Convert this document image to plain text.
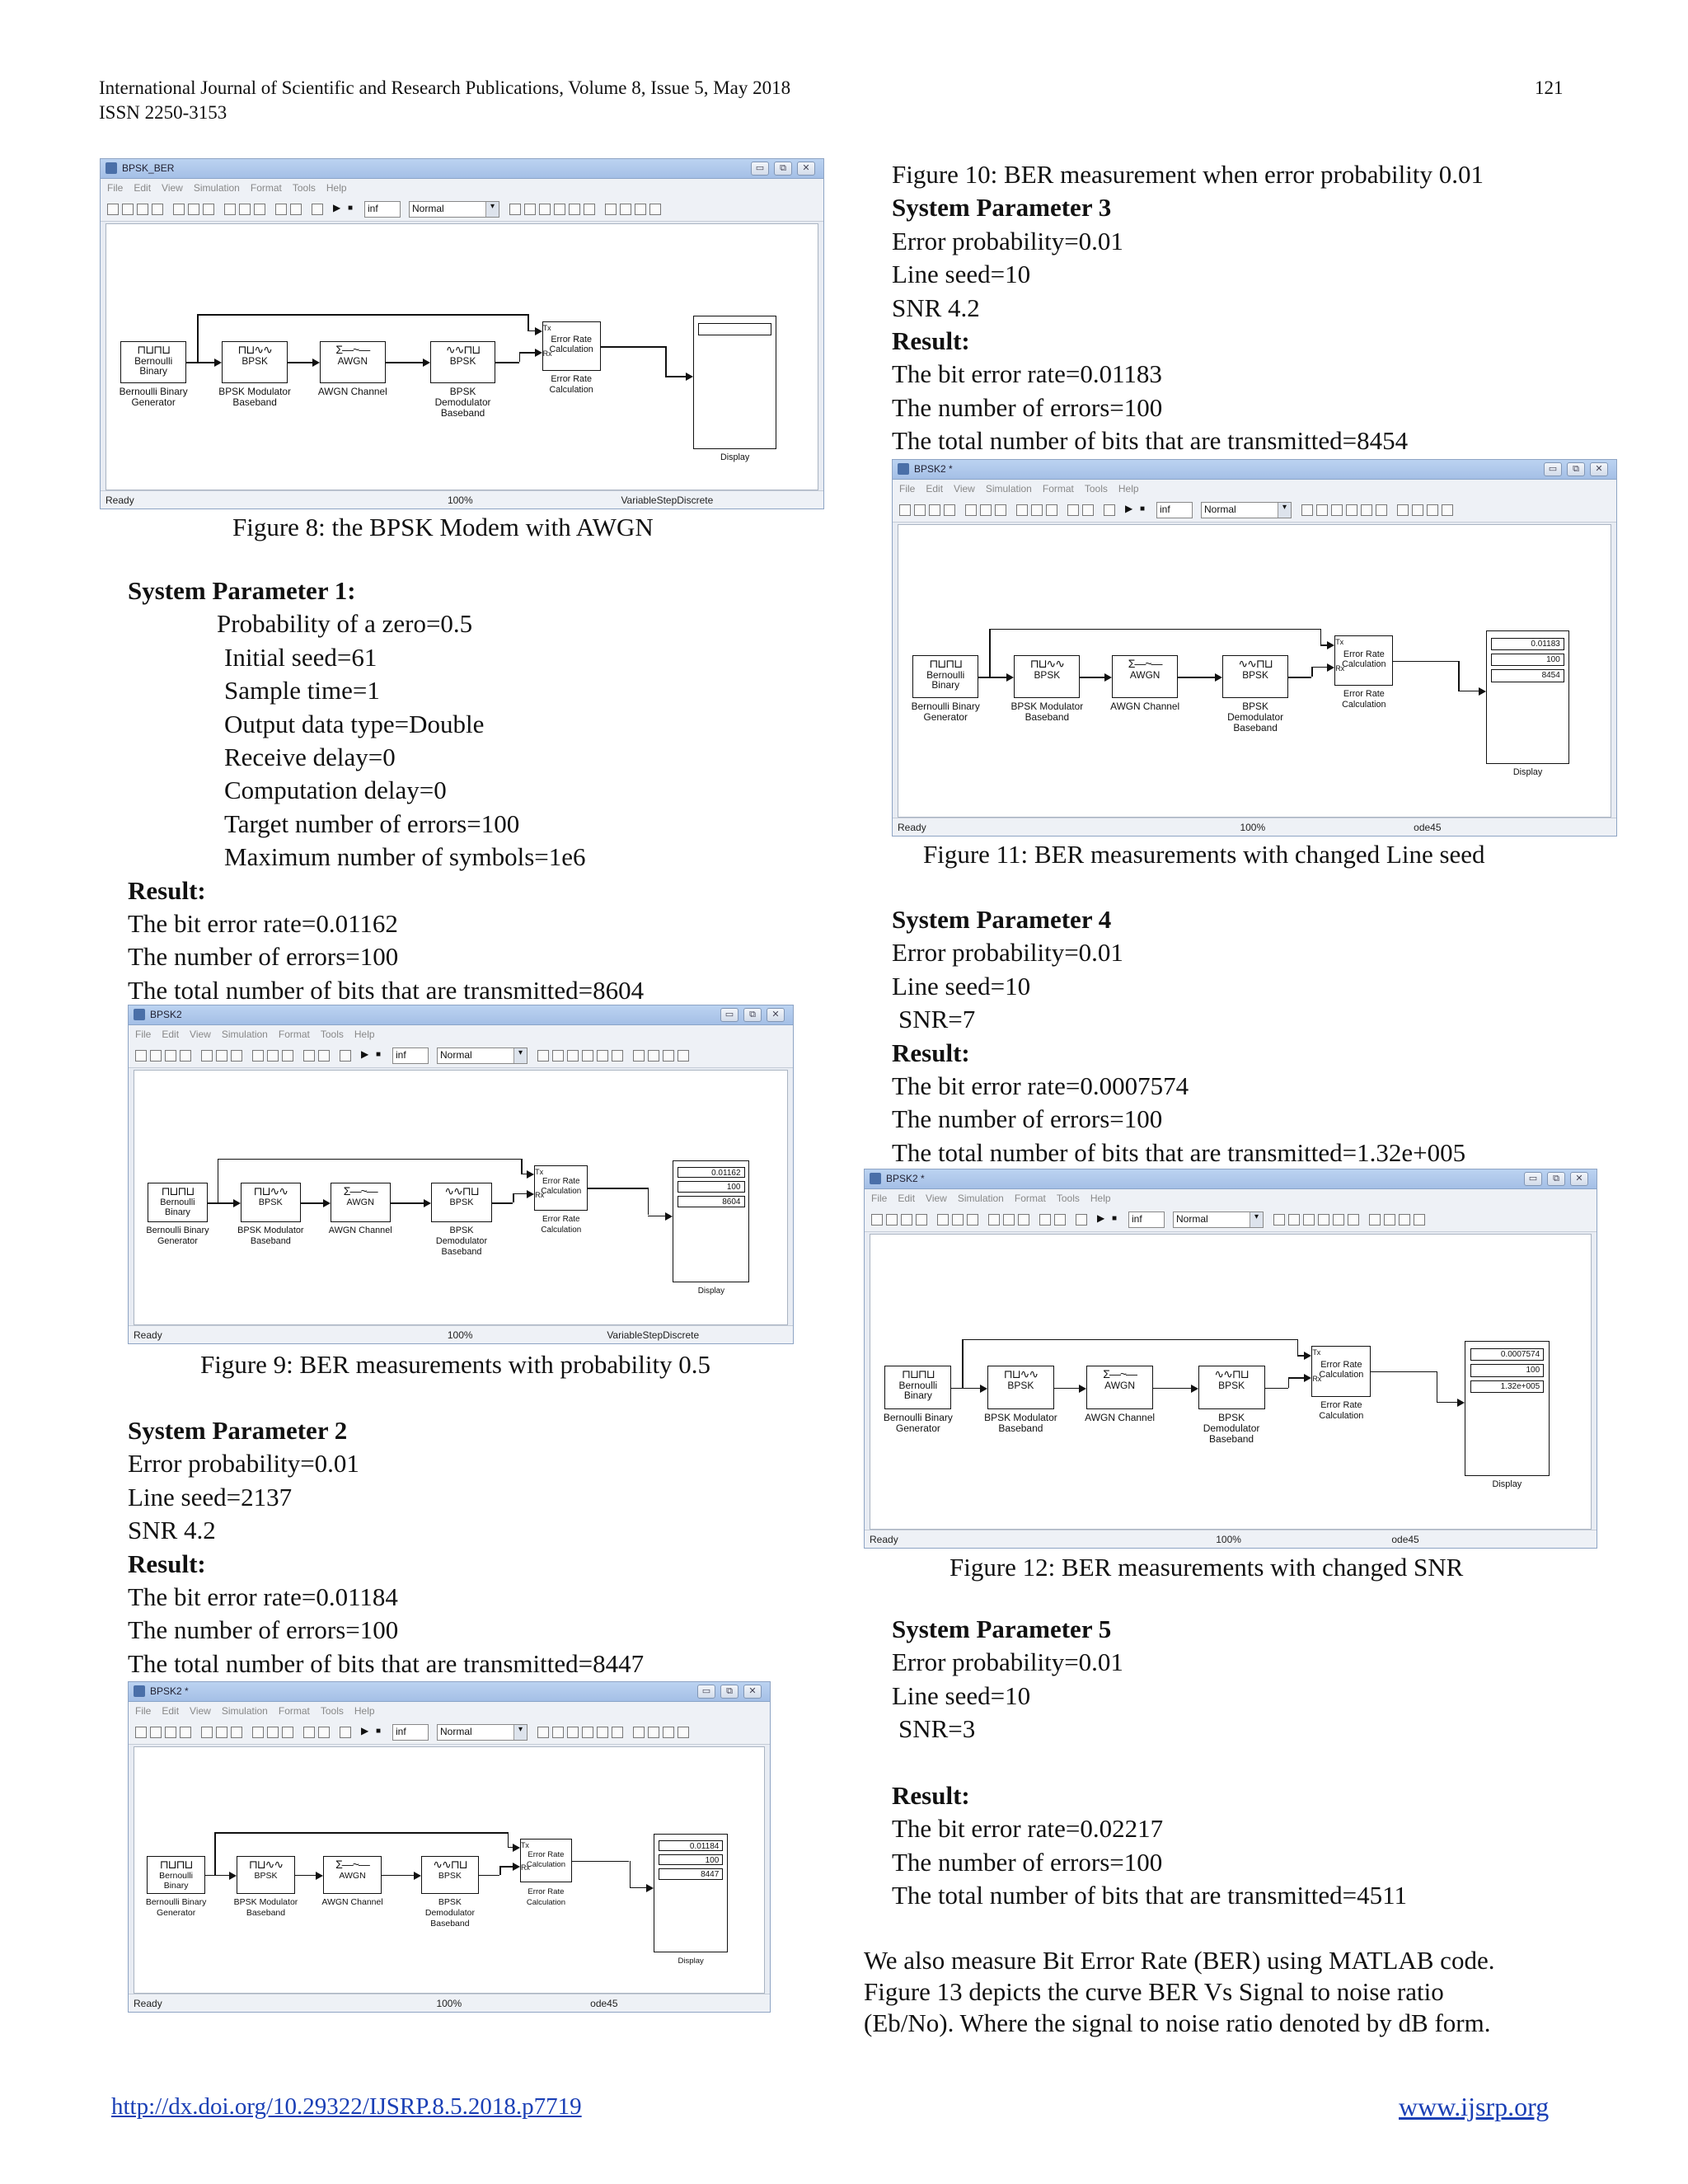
International Journal of Scientific and Research Publications, Volume 8, Issue 5, May 2018
ISSN 2250-3153
121
BPSK_BER	▭	⧉	✕
File Edit View Simulation Format Tools Help
▶ ■	inf	Normal	▾
⊓⊔⊓⊔
Bernoulli Binary
Bernoulli Binary Generator
⊓⊔∿∿
BPSK
BPSK Modulator Baseband
Σ—~—
AWGN
AWGN Channel
∿∿⊓⊔
BPSK
BPSK Demodulator Baseband
Error Rate Calculation
Error Rate Calculation
Tx
Rx
Display
Ready	100%	VariableStepDiscrete
Figure 8: the BPSK Modem with AWGN
BPSK2	▭	⧉	✕
File Edit View Simulation Format Tools Help
▶ ■	inf	Normal	▾
⊓⊔⊓⊔
Bernoulli Binary
Bernoulli Binary Generator
⊓⊔∿∿
BPSK
BPSK Modulator Baseband
Σ—~—
AWGN
AWGN Channel
∿∿⊓⊔
BPSK
BPSK Demodulator Baseband
Error Rate Calculation
Error Rate Calculation
Tx
Rx
Display
0.01162
100
8604
Ready	100%	VariableStepDiscrete
Figure 9: BER measurements with probability 0.5
BPSK2 *	▭	⧉	✕
File Edit View Simulation Format Tools Help
▶ ■	inf	Normal	▾
⊓⊔⊓⊔
Bernoulli Binary
Bernoulli Binary Generator
⊓⊔∿∿
BPSK
BPSK Modulator Baseband
Σ—~—
AWGN
AWGN Channel
∿∿⊓⊔
BPSK
BPSK Demodulator Baseband
Error Rate Calculation
Error Rate Calculation
Tx
Rx
Display
0.01184
100
8447
Ready	100%	ode45
BPSK2 *	▭	⧉	✕
File Edit View Simulation Format Tools Help
▶ ■	inf	Normal	▾
⊓⊔⊓⊔
Bernoulli Binary
Bernoulli Binary Generator
⊓⊔∿∿
BPSK
BPSK Modulator Baseband
Σ—~—
AWGN
AWGN Channel
∿∿⊓⊔
BPSK
BPSK Demodulator Baseband
Error Rate Calculation
Error Rate Calculation
Tx
Rx
Display
0.01183
100
8454
Ready	100%	ode45
Figure 11: BER measurements with changed Line seed
BPSK2 *	▭	⧉	✕
File Edit View Simulation Format Tools Help
▶ ■	inf	Normal	▾
⊓⊔⊓⊔
Bernoulli Binary
Bernoulli Binary Generator
⊓⊔∿∿
BPSK
BPSK Modulator Baseband
Σ—~—
AWGN
AWGN Channel
∿∿⊓⊔
BPSK
BPSK Demodulator Baseband
Error Rate Calculation
Error Rate Calculation
Tx
Rx
Display
0.0007574
100
1.32e+005
Ready	100%	ode45
Figure 12: BER measurements with changed SNR
System Parameter 1:
Probability of a zero=0.5
Initial seed=61
Sample time=1
Output data type=Double
Receive delay=0
Computation delay=0
Target number of errors=100
Maximum number of symbols=1e6
Result:
The bit error rate=0.01162
The number of errors=100
The total number of bits that are transmitted=8604
System Parameter 2
Error probability=0.01
Line seed=2137
SNR 4.2
Result:
The bit error rate=0.01184
The number of errors=100
The total number of bits that are transmitted=8447
Figure 10: BER measurement when error probability 0.01
System Parameter 3
Error probability=0.01
Line seed=10
SNR 4.2
Result:
The bit error rate=0.01183
The number of errors=100
The total number of bits that are transmitted=8454
System Parameter 4
Error probability=0.01
Line seed=10
SNR=7
Result:
The bit error rate=0.0007574
The number of errors=100
The total number of bits that are transmitted=1.32e+005
System Parameter 5
Error probability=0.01
Line seed=10
SNR=3
Result:
The bit error rate=0.02217
The number of errors=100
The total number of bits that are transmitted=4511
We also measure Bit Error Rate (BER) using MATLAB code.
Figure 13 depicts the curve BER Vs Signal to noise ratio
(Eb/No). Where the signal to noise ratio denoted by dB form.
http://dx.doi.org/10.29322/IJSRP.8.5.2018.p7719	www.ijsrp.org
